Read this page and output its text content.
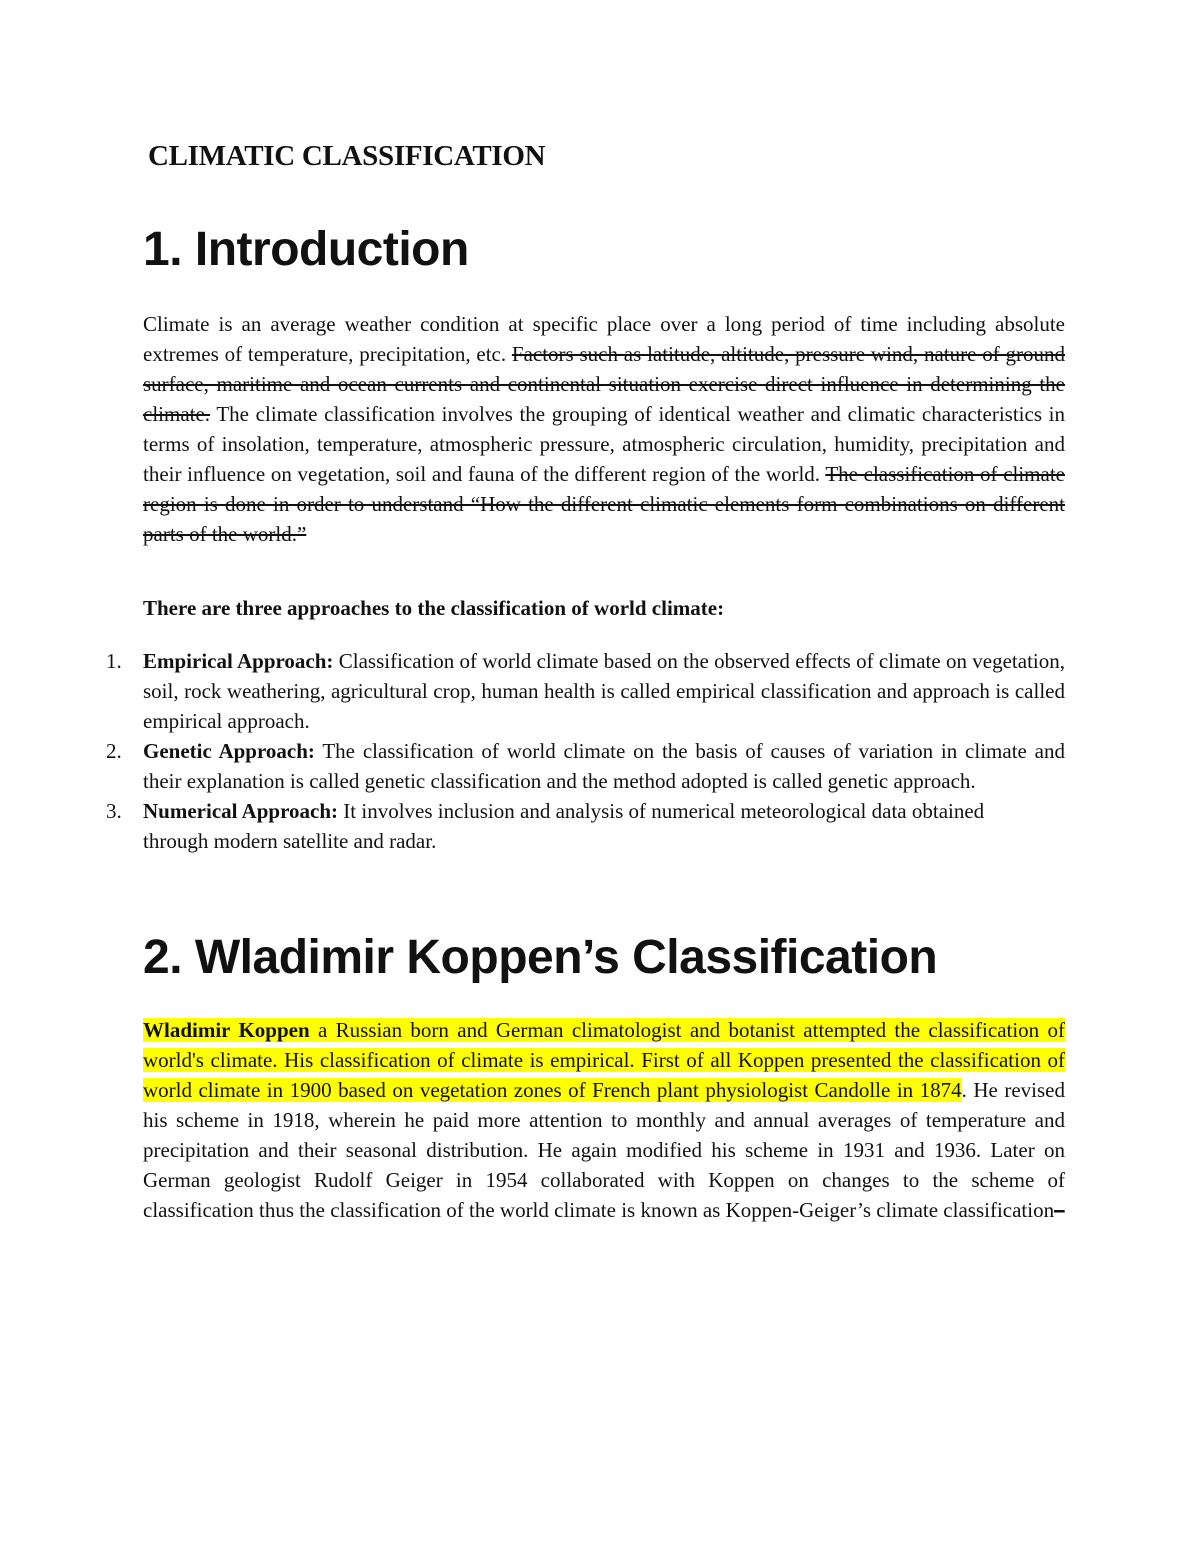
CLIMATIC CLASSIFICATION
1. Introduction

Climate is an average weather condition at specific place over a long period of time including absolute extremes of temperature, precipitation, etc. Factors such as latitude, altitude, pressure wind, nature of ground surface, maritime and ocean currents and continental situation exercise direct influence in determining the climate. The climate classification involves the grouping of identical weather and climatic characteristics in terms of insolation, temperature, atmospheric pressure, atmospheric circulation, humidity, precipitation and their influence on vegetation, soil and fauna of the different region of the world. The classification of climate region is done in order to understand “How the different climatic elements form combinations on different parts of the world.”

There are three approaches to the classification of world climate:

1. Empirical Approach: Classification of world climate based on the observed effects of climate on vegetation, soil, rock weathering, agricultural crop, human health is called empirical classification and approach is called empirical approach.
2. Genetic Approach: The classification of world climate on the basis of causes of variation in climate and their explanation is called genetic classification and the method adopted is called genetic approach.
3. Numerical Approach: It involves inclusion and analysis of numerical meteorological data obtained through modern satellite and radar.
2. Wladimir Koppen’s Classification

Wladimir Koppen a Russian born and German climatologist and botanist attempted the classification of world's climate. His classification of climate is empirical. First of all Koppen presented the classification of world climate in 1900 based on vegetation zones of French plant physiologist Candolle in 1874. He revised his scheme in 1918, wherein he paid more attention to monthly and annual averages of temperature and precipitation and their seasonal distribution. He again modified his scheme in 1931 and 1936. Later on German geologist Rudolf Geiger in 1954 collaborated with Koppen on changes to the scheme of classification thus the classification of the world climate is known as Koppen-Geiger’s climate classification–
